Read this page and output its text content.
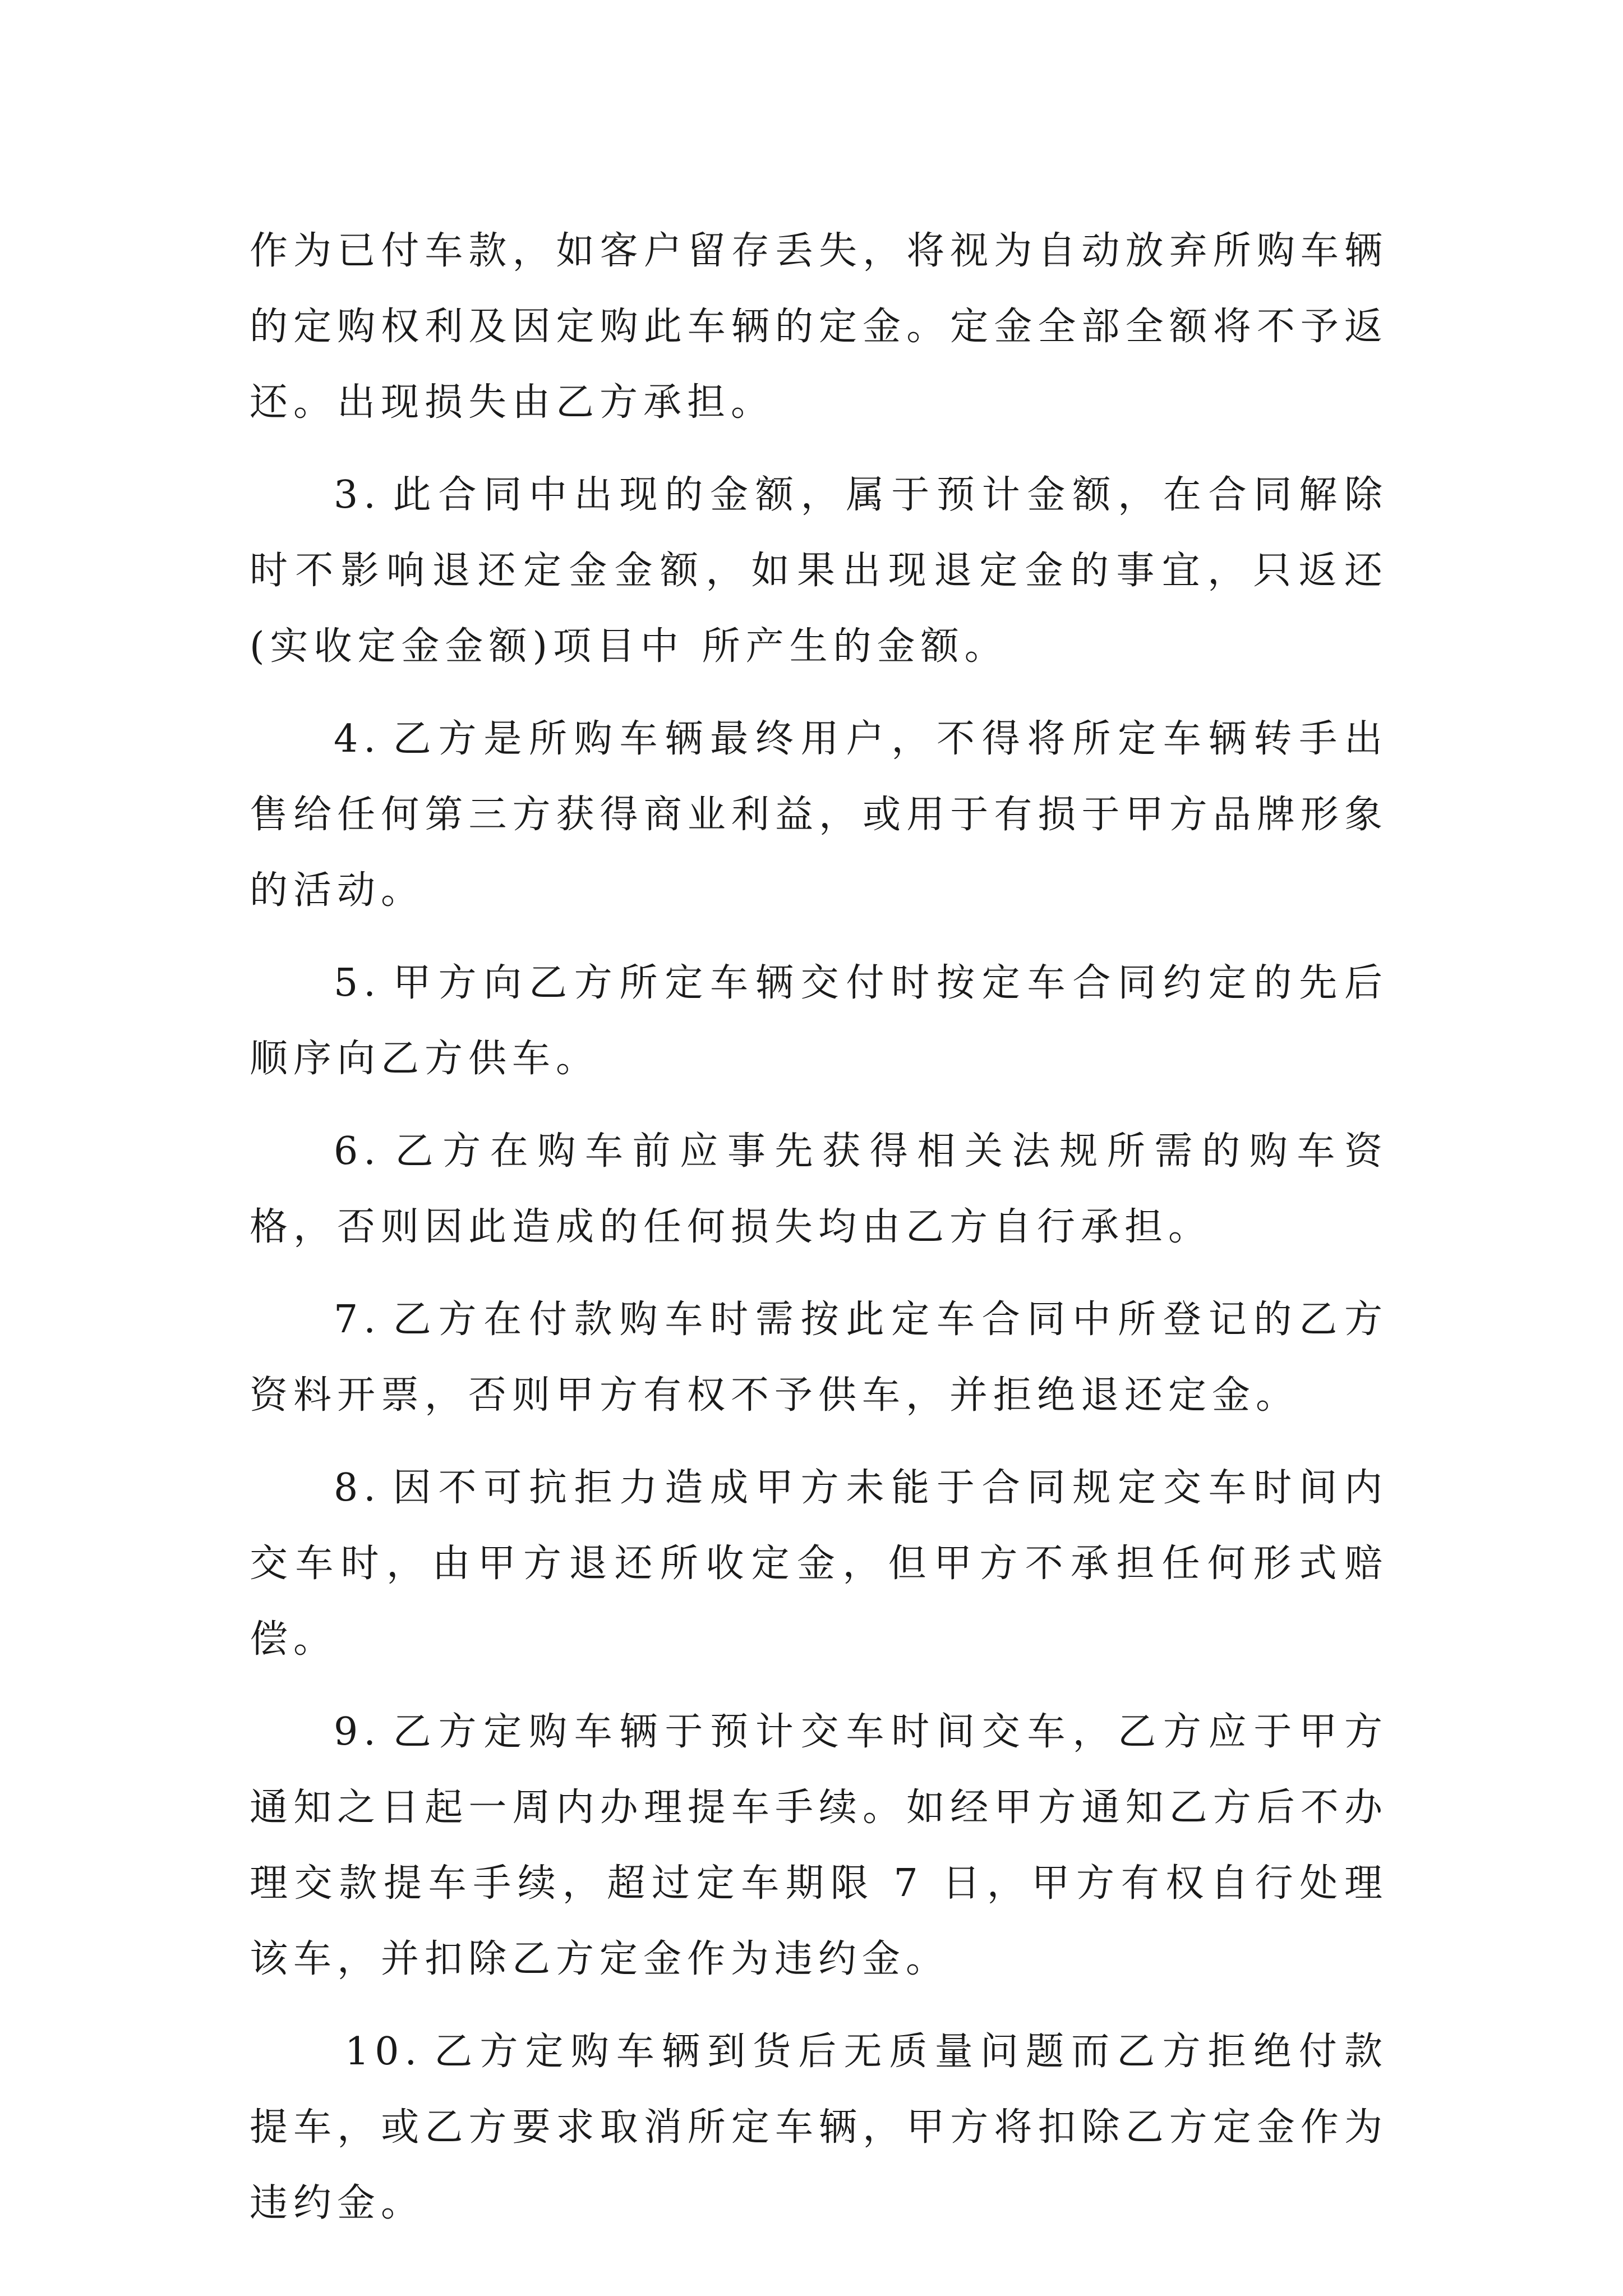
作为已付车款，如客户留存丢失，将视为自动放弃所购车辆的定购权利及因定购此车辆的定金。定金全部全额将不予返还。出现损失由乙方承担。

3. 此合同中出现的金额，属于预计金额，在合同解除时不影响退还定金金额，如果出现退定金的事宜，只返还(实收定金金额)项目中 所产生的金额。

4. 乙方是所购车辆最终用户，不得将所定车辆转手出售给任何第三方获得商业利益，或用于有损于甲方品牌形象的活动。

5. 甲方向乙方所定车辆交付时按定车合同约定的先后顺序向乙方供车。

6. 乙方在购车前应事先获得相关法规所需的购车资格，否则因此造成的任何损失均由乙方自行承担。

7. 乙方在付款购车时需按此定车合同中所登记的乙方资料开票，否则甲方有权不予供车，并拒绝退还定金。

8. 因不可抗拒力造成甲方未能于合同规定交车时间内交车时，由甲方退还所收定金，但甲方不承担任何形式赔偿。

9. 乙方定购车辆于预计交车时间交车，乙方应于甲方通知之日起一周内办理提车手续。如经甲方通知乙方后不办理交款提车手续，超过定车期限 7 日，甲方有权自行处理该车，并扣除乙方定金作为违约金。

10. 乙方定购车辆到货后无质量问题而乙方拒绝付款提车，或乙方要求取消所定车辆，甲方将扣除乙方定金作为违约金。
